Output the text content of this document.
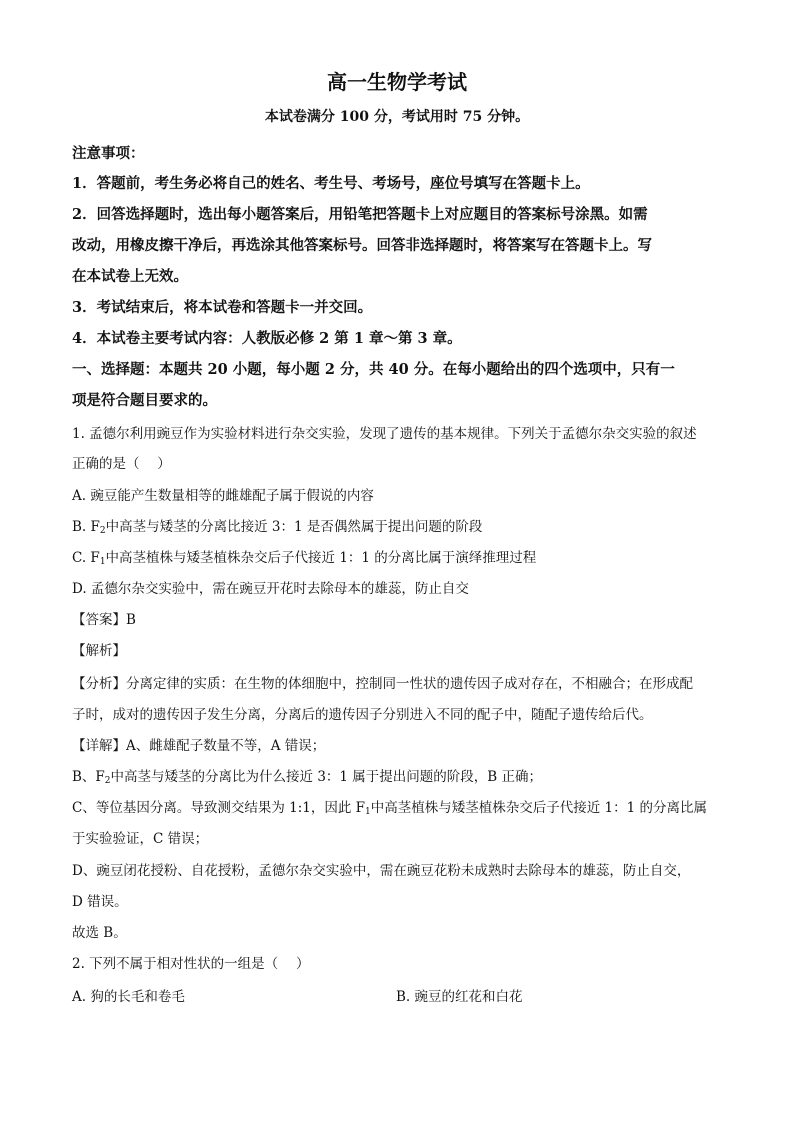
高一生物学考试
本试卷满分 100 分，考试用时 75 分钟。
注意事项：
1．答题前，考生务必将自己的姓名、考生号、考场号，座位号填写在答题卡上。
2．回答选择题时，选出每小题答案后，用铅笔把答题卡上对应题目的答案标号涂黑。如需
改动，用橡皮擦干净后，再选涂其他答案标号。回答非选择题时，将答案写在答题卡上。写
在本试卷上无效。
3．考试结束后，将本试卷和答题卡一并交回。
4．本试卷主要考试内容：人教版必修 2 第 1 章～第 3 章。
一、选择题：本题共 20 小题，每小题 2 分，共 40 分。在每小题给出的四个选项中，只有一
项是符合题目要求的。
1. 孟德尔利用豌豆作为实验材料进行杂交实验，发现了遗传的基本规律。下列关于孟德尔杂交实验的叙述
正确的是（　 ）
A. 豌豆能产生数量相等的雌雄配子属于假说的内容
B. $F_2$中高茎与矮茎的分离比接近 3：1 是否偶然属于提出问题的阶段
C. $F_1$中高茎植株与矮茎植株杂交后子代接近 1：1 的分离比属于演绎推理过程
D. 孟德尔杂交实验中，需在豌豆开花时去除母本的雄蕊，防止自交
【答案】B
【解析】
【分析】分离定律的实质：在生物的体细胞中，控制同一性状的遗传因子成对存在，不相融合；在形成配
子时，成对的遗传因子发生分离，分离后的遗传因子分别进入不同的配子中，随配子遗传给后代。
【详解】A、雌雄配子数量不等，A 错误；
B、$F_2$中高茎与矮茎的分离比为什么接近 3：1 属于提出问题的阶段，B 正确；
C、等位基因分离。导致测交结果为 1:1，因此 $F_1$中高茎植株与矮茎植株杂交后子代接近 1：1 的分离比属
于实验验证，C 错误；
D、豌豆闭花授粉、自花授粉，孟德尔杂交实验中，需在豌豆花粉未成熟时去除母本的雄蕊，防止自交，
D 错误。
故选 B。
2. 下列不属于相对性状的一组是（　 ）
A. 狗的长毛和卷毛	B. 豌豆的红花和白花
